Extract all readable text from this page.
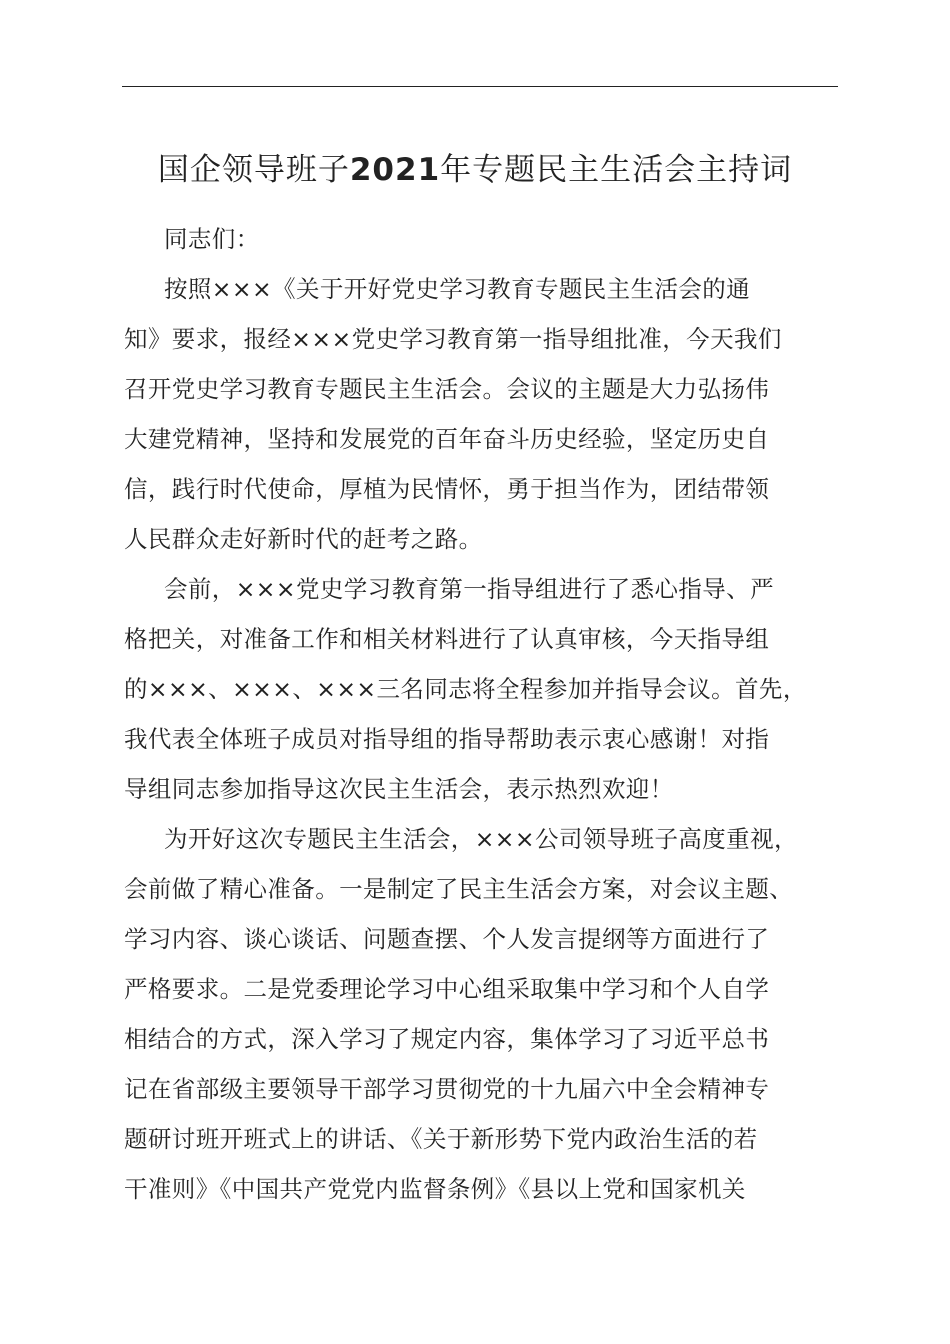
国企领导班子2021年专题民主生活会主持词
同志们：
按照×××《关于开好党史学习教育专题民主生活会的通
知》要求，报经×××党史学习教育第一指导组批准，今天我们
召开党史学习教育专题民主生活会。会议的主题是大力弘扬伟
大建党精神，坚持和发展党的百年奋斗历史经验，坚定历史自
信，践行时代使命，厚植为民情怀，勇于担当作为，团结带领
人民群众走好新时代的赶考之路。
会前，×××党史学习教育第一指导组进行了悉心指导、严
格把关，对准备工作和相关材料进行了认真审核，今天指导组
的×××、×××、×××三名同志将全程参加并指导会议。首先，
我代表全体班子成员对指导组的指导帮助表示衷心感谢！对指
导组同志参加指导这次民主生活会，表示热烈欢迎！
为开好这次专题民主生活会，×××公司领导班子高度重视，
会前做了精心准备。一是制定了民主生活会方案，对会议主题、
学习内容、谈心谈话、问题查摆、个人发言提纲等方面进行了
严格要求。二是党委理论学习中心组采取集中学习和个人自学
相结合的方式，深入学习了规定内容，集体学习了习近平总书
记在省部级主要领导干部学习贯彻党的十九届六中全会精神专
题研讨班开班式上的讲话、《关于新形势下党内政治生活的若
干准则》《中国共产党党内监督条例》《县以上党和国家机关
